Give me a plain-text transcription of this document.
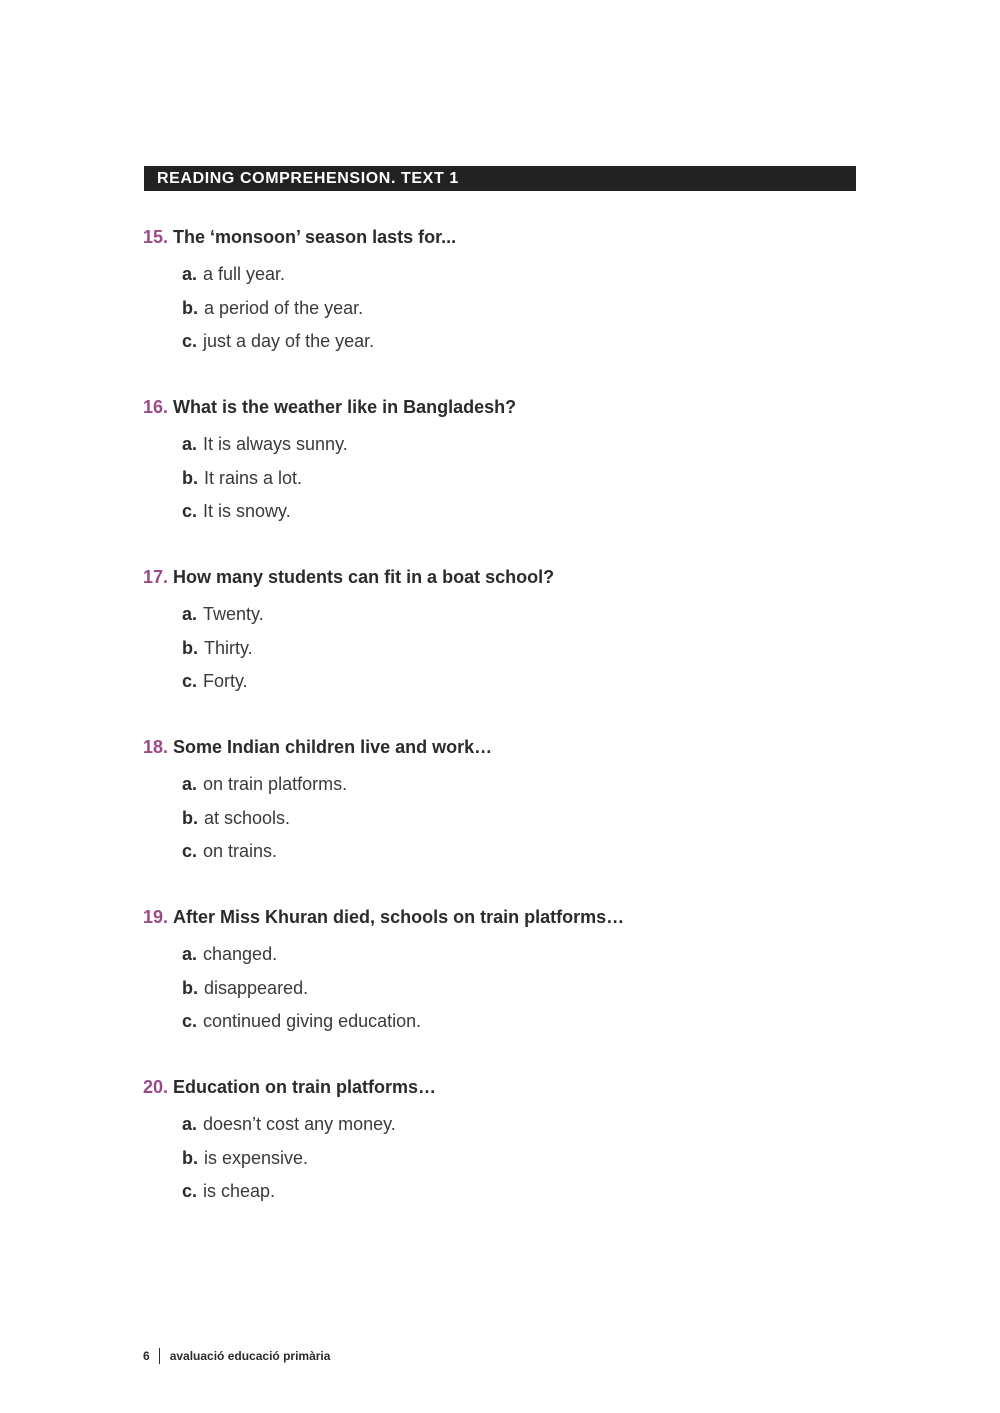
READING COMPREHENSION. TEXT 1
15. The ‘monsoon’ season lasts for...
a. a full year.
b. a period of the year.
c. just a day of the year.
16. What is the weather like in Bangladesh?
a. It is always sunny.
b. It rains a lot.
c. It is snowy.
17. How many students can fit in a boat school?
a. Twenty.
b. Thirty.
c. Forty.
18. Some Indian children live and work…
a. on train platforms.
b. at schools.
c. on trains.
19. After Miss Khuran died, schools on train platforms…
a. changed.
b. disappeared.
c. continued giving education.
20. Education on train platforms…
a. doesn’t cost any money.
b. is expensive.
c. is cheap.
6 avaluació educació primària
